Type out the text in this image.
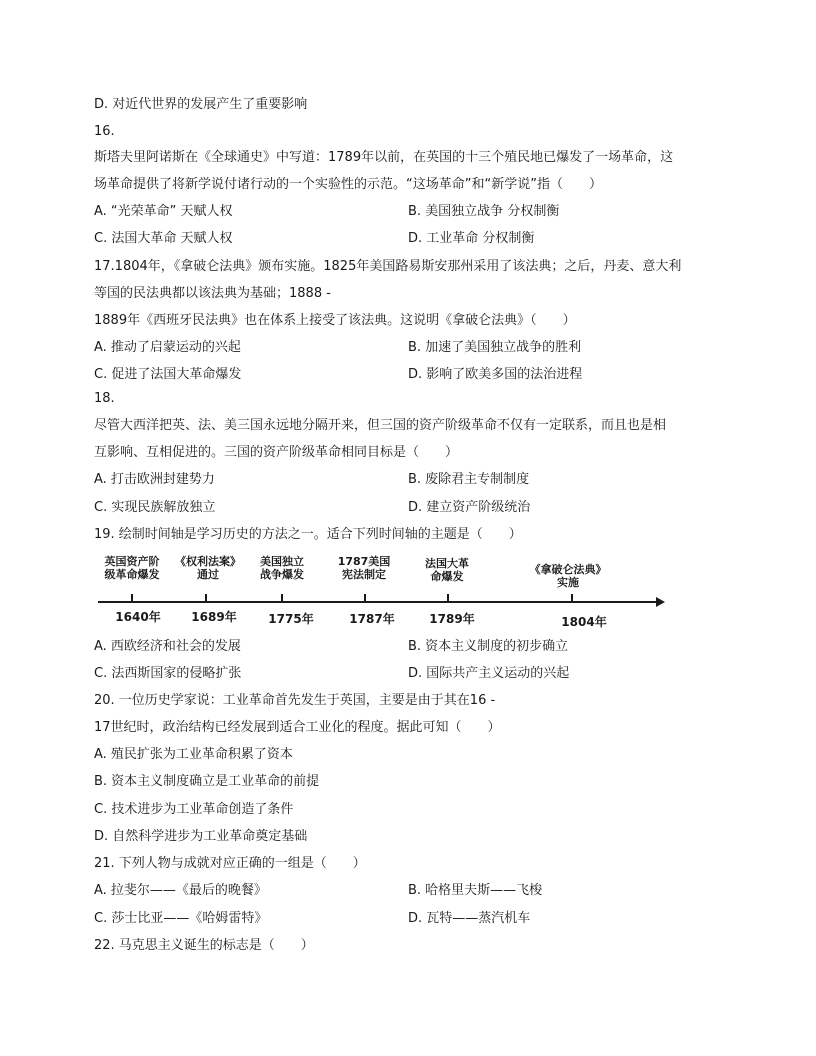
D. 对近代世界的发展产生了重要影响
16.
斯塔夫里阿诺斯在《全球通史》中写道：1789年以前，在英国的十三个殖民地已爆发了一场革命，这
场革命提供了将新学说付诸行动的一个实验性的示范。“这场革命”和“新学说”指（　　）
A. “光荣革命” 天赋人权	B. 美国独立战争 分权制衡
C. 法国大革命 天赋人权	D. 工业革命 分权制衡
17.1804年，《拿破仑法典》颁布实施。1825年美国路易斯安那州采用了该法典；之后，丹麦、意大利
等国的民法典都以该法典为基础；1888 -
1889年《西班牙民法典》也在体系上接受了该法典。这说明《拿破仑法典》（　　）
A. 推动了启蒙运动的兴起	B. 加速了美国独立战争的胜利
C. 促进了法国大革命爆发	D. 影响了欧美多国的法治进程
18.
尽管大西洋把英、法、美三国永远地分隔开来，但三国的资产阶级革命不仅有一定联系，而且也是相
互影响、互相促进的。三国的资产阶级革命相同目标是（　　）
A. 打击欧洲封建势力	B. 废除君主专制制度
C. 实现民族解放独立	D. 建立资产阶级统治
19. 绘制时间轴是学习历史的方法之一。适合下列时间轴的主题是（　　）
英国资产阶
级革命爆发
1640年
《权利法案》
通过
1689年
美国独立
战争爆发
1775年
1787美国
宪法制定
1787年
法国大革
命爆发
1789年
《拿破仑法典》
实施
1804年
A. 西欧经济和社会的发展	B. 资本主义制度的初步确立
C. 法西斯国家的侵略扩张	D. 国际共产主义运动的兴起
20. 一位历史学家说：工业革命首先发生于英国，主要是由于其在16 -
17世纪时，政治结构已经发展到适合工业化的程度。据此可知（　　）
A. 殖民扩张为工业革命积累了资本
B. 资本主义制度确立是工业革命的前提
C. 技术进步为工业革命创造了条件
D. 自然科学进步为工业革命奠定基础
21. 下列人物与成就对应正确的一组是（　　）
A. 拉斐尔——《最后的晚餐》	B. 哈格里夫斯——飞梭
C. 莎士比亚——《哈姆雷特》	D. 瓦特——蒸汽机车
22. 马克思主义诞生的标志是（　　）
